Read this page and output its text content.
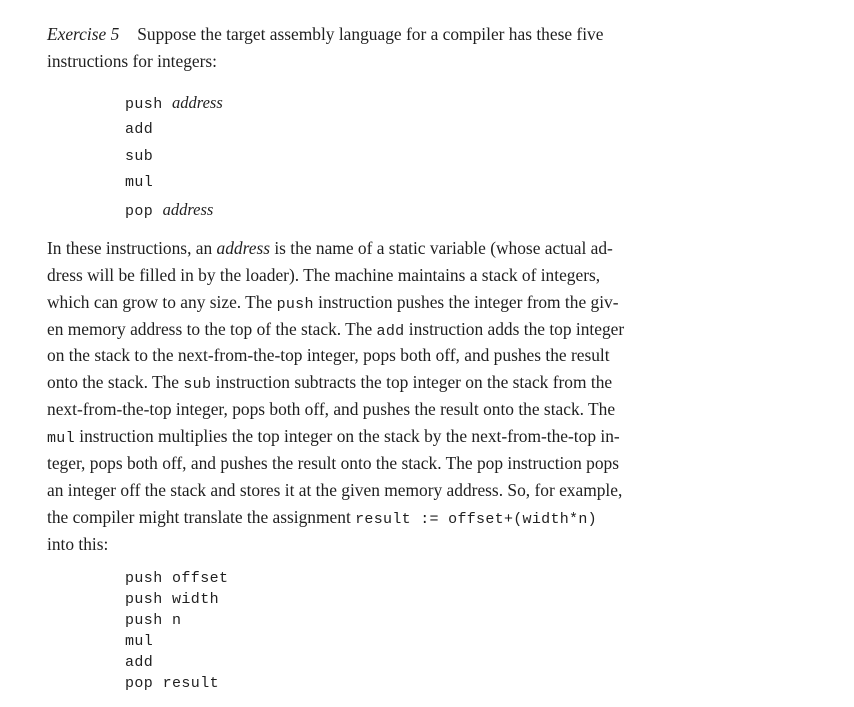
Exercise 5 Suppose the target assembly language for a compiler has these five
instructions for integers:
push address
add
sub
mul
pop address
In these instructions, an address is the name of a static variable (whose actual ad-
dress will be filled in by the loader). The machine maintains a stack of integers,
which can grow to any size. The push instruction pushes the integer from the giv-
en memory address to the top of the stack. The add instruction adds the top integer
on the stack to the next-from-the-top integer, pops both off, and pushes the result
onto the stack. The sub instruction subtracts the top integer on the stack from the
next-from-the-top integer, pops both off, and pushes the result onto the stack. The
mul instruction multiplies the top integer on the stack by the next-from-the-top in-
teger, pops both off, and pushes the result onto the stack. The pop instruction pops
an integer off the stack and stores it at the given memory address. So, for example,
the compiler might translate the assignment result := offset+(width*n)
into this:
push offset
push width
push n
mul
add
pop result
